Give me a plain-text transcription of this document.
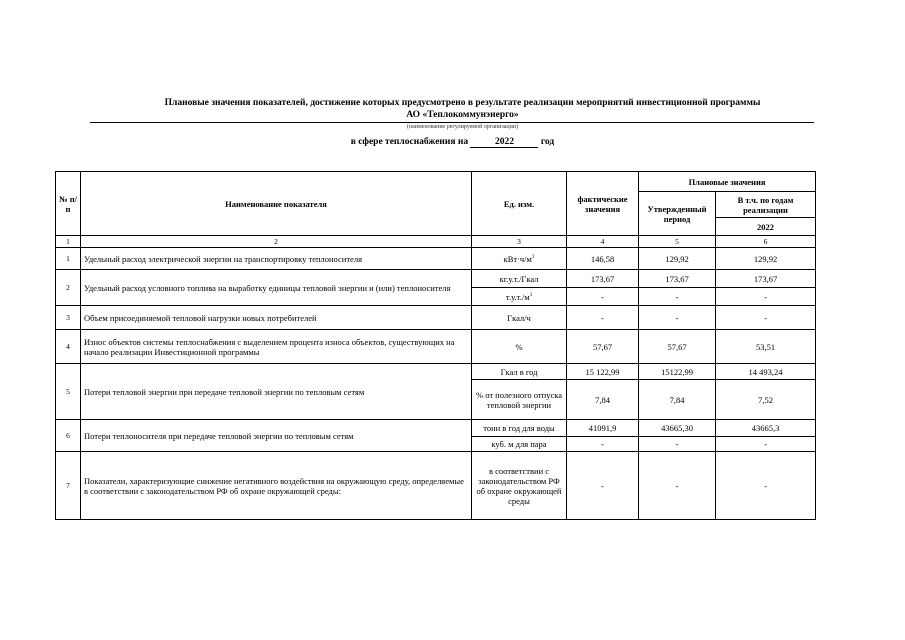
Плановые значения показателей, достижение которых предусмотрено в результате реализации мероприятий инвестиционной программы
АО «Теплокоммунэнерго»
(наименование регулируемой организации)
в сфере теплоснабжения на	2022	год
№ п/п	Наименование показателя	Ед. изм.	фактические значения	Плановые значения	
				Утвержденный период	В т.ч. по годам реализации
					2022
1	2	3	4	5	6
1	Удельный расход электрической энергии на транспортировку теплоносителя	$кВт\cdot ч/м^3$	146,58	129,92	129,92
2	Удельный расход условного топлива на выработку единицы тепловой энергии и (или) теплоносителя	кг.у.т./Гкал	173,67	173,67	173,67
		$т.у.т./м^3$	-	-	-
3	Объем присоединяемой тепловой нагрузки новых потребителей	Гкал/ч	-	-	-
4	Износ объектов системы теплоснабжения с выделением процента износа объектов, существующих на начало реализации Инвестиционной программы	%	57,67	57,67	53,51
5	Потери тепловой энергии при передаче тепловой энергии по тепловым сетям	Гкал в год	15 122,99	15122,99	14 493,24
		% от полезного отпуска тепловой энергии	7,84	7,84	7,52
6	Потери теплоносителя при передаче тепловой энергии по тепловым сетям	тонн в год для воды	41091,9	43665,30	43665,3
		куб. м для пара	-	-	-
7	Показатели, характеризующие снижение негативного воздействия на окружающую среду, определяемые в соответствии с законодательством РФ об охране окружающей среды:	в соответствии с законодательством РФ об охране окружающей среды	-	-	-
